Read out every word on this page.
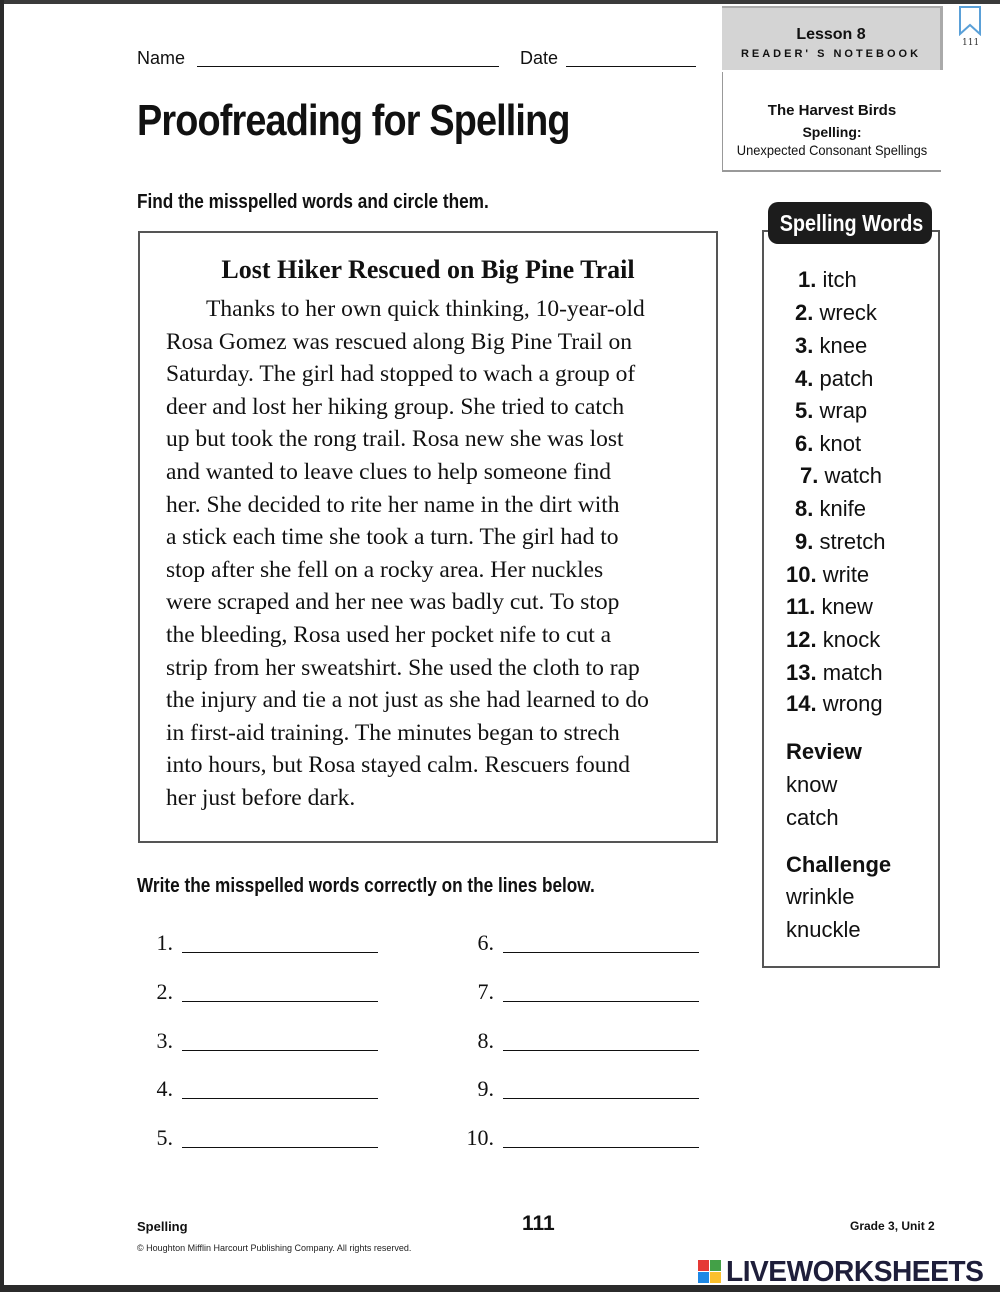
Name	Date
Proofreading for Spelling
Lesson 8
READER' S NOTEBOOK
111
The Harvest Birds
Spelling:
Unexpected Consonant Spellings
Find the misspelled words and circle them.
Lost Hiker Rescued on Big Pine Trail
Thanks to her own quick thinking, 10-year-old
Rosa Gomez was rescued along Big Pine Trail on
Saturday. The girl had stopped to wach a group of
deer and lost her hiking group. She tried to catch
up but took the rong trail. Rosa new she was lost
and wanted to leave clues to help someone find
her. She decided to rite her name in the dirt with
a stick each time she took a turn. The girl had to
stop after she fell on a rocky area. Her nuckles
were scraped and her nee was badly cut. To stop
the bleeding, Rosa used her pocket nife to cut a
strip from her sweatshirt. She used the cloth to rap
the injury and tie a not just as she had learned to do
in first-aid training. The minutes began to strech
into hours, but Rosa stayed calm. Rescuers found
her just before dark.
Write the misspelled words correctly on the lines below.
1.
2.
3.
4.
5.
6.
7.
8.
9.
10.
Spelling Words
1. itch
2. wreck
3. knee
4. patch
5. wrap
6. knot
7. watch
8. knife
9. stretch
10. write
11. knew
12. knock
13. match
14. wrong
Review
know
catch
Challenge
wrinkle
knuckle
Spelling	111	Grade 3, Unit 2
© Houghton Mifflin Harcourt Publishing Company. All rights reserved.
LIVEWORKSHEETS
